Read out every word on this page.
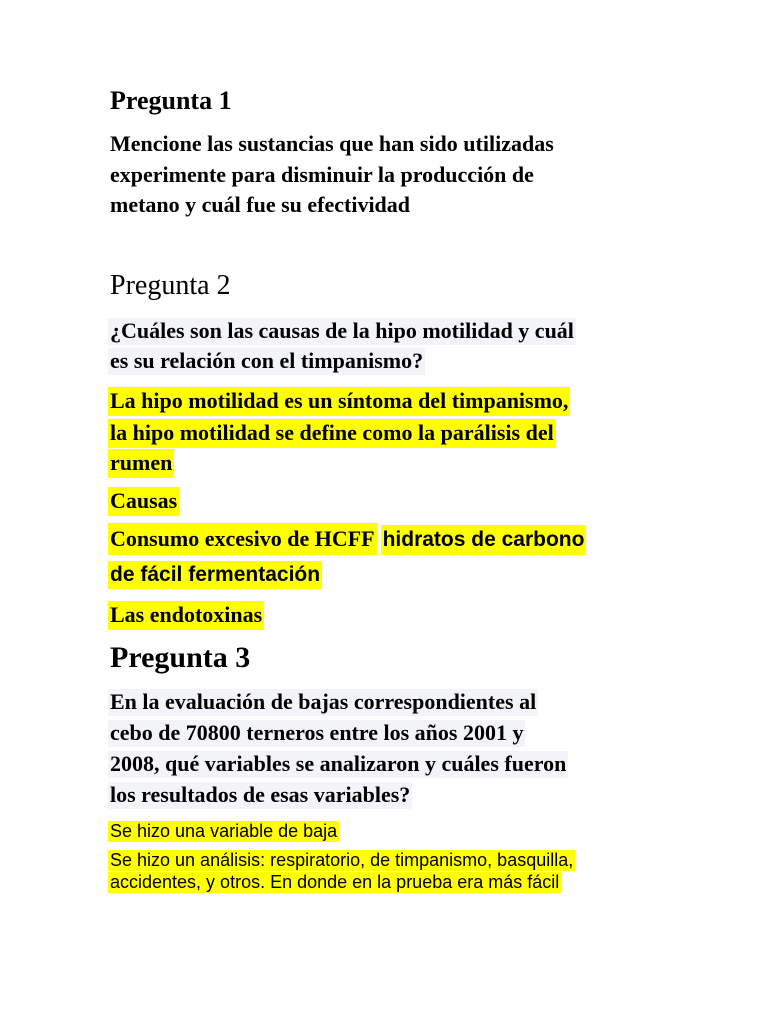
Pregunta 1

Mencione las sustancias que han sido utilizadas

experimente para disminuir la producción de

metano y cuál fue su efectividad

Pregunta 2

¿Cuáles son las causas de la hipo motilidad y cuál

es su relación con el timpanismo?

La hipo motilidad es un síntoma del timpanismo,

la hipo motilidad se define como la parálisis del

rumen

Causas

Consumo excesivo de HCFF hidratos de carbono

de fácil fermentación

Las endotoxinas

Pregunta 3

En la evaluación de bajas correspondientes al

cebo de 70800 terneros entre los años 2001 y

2008, qué variables se analizaron y cuáles fueron

los resultados de esas variables?

Se hizo una variable de baja

Se hizo un análisis: respiratorio, de timpanismo, basquilla,

accidentes, y otros. En donde en la prueba era más fácil
